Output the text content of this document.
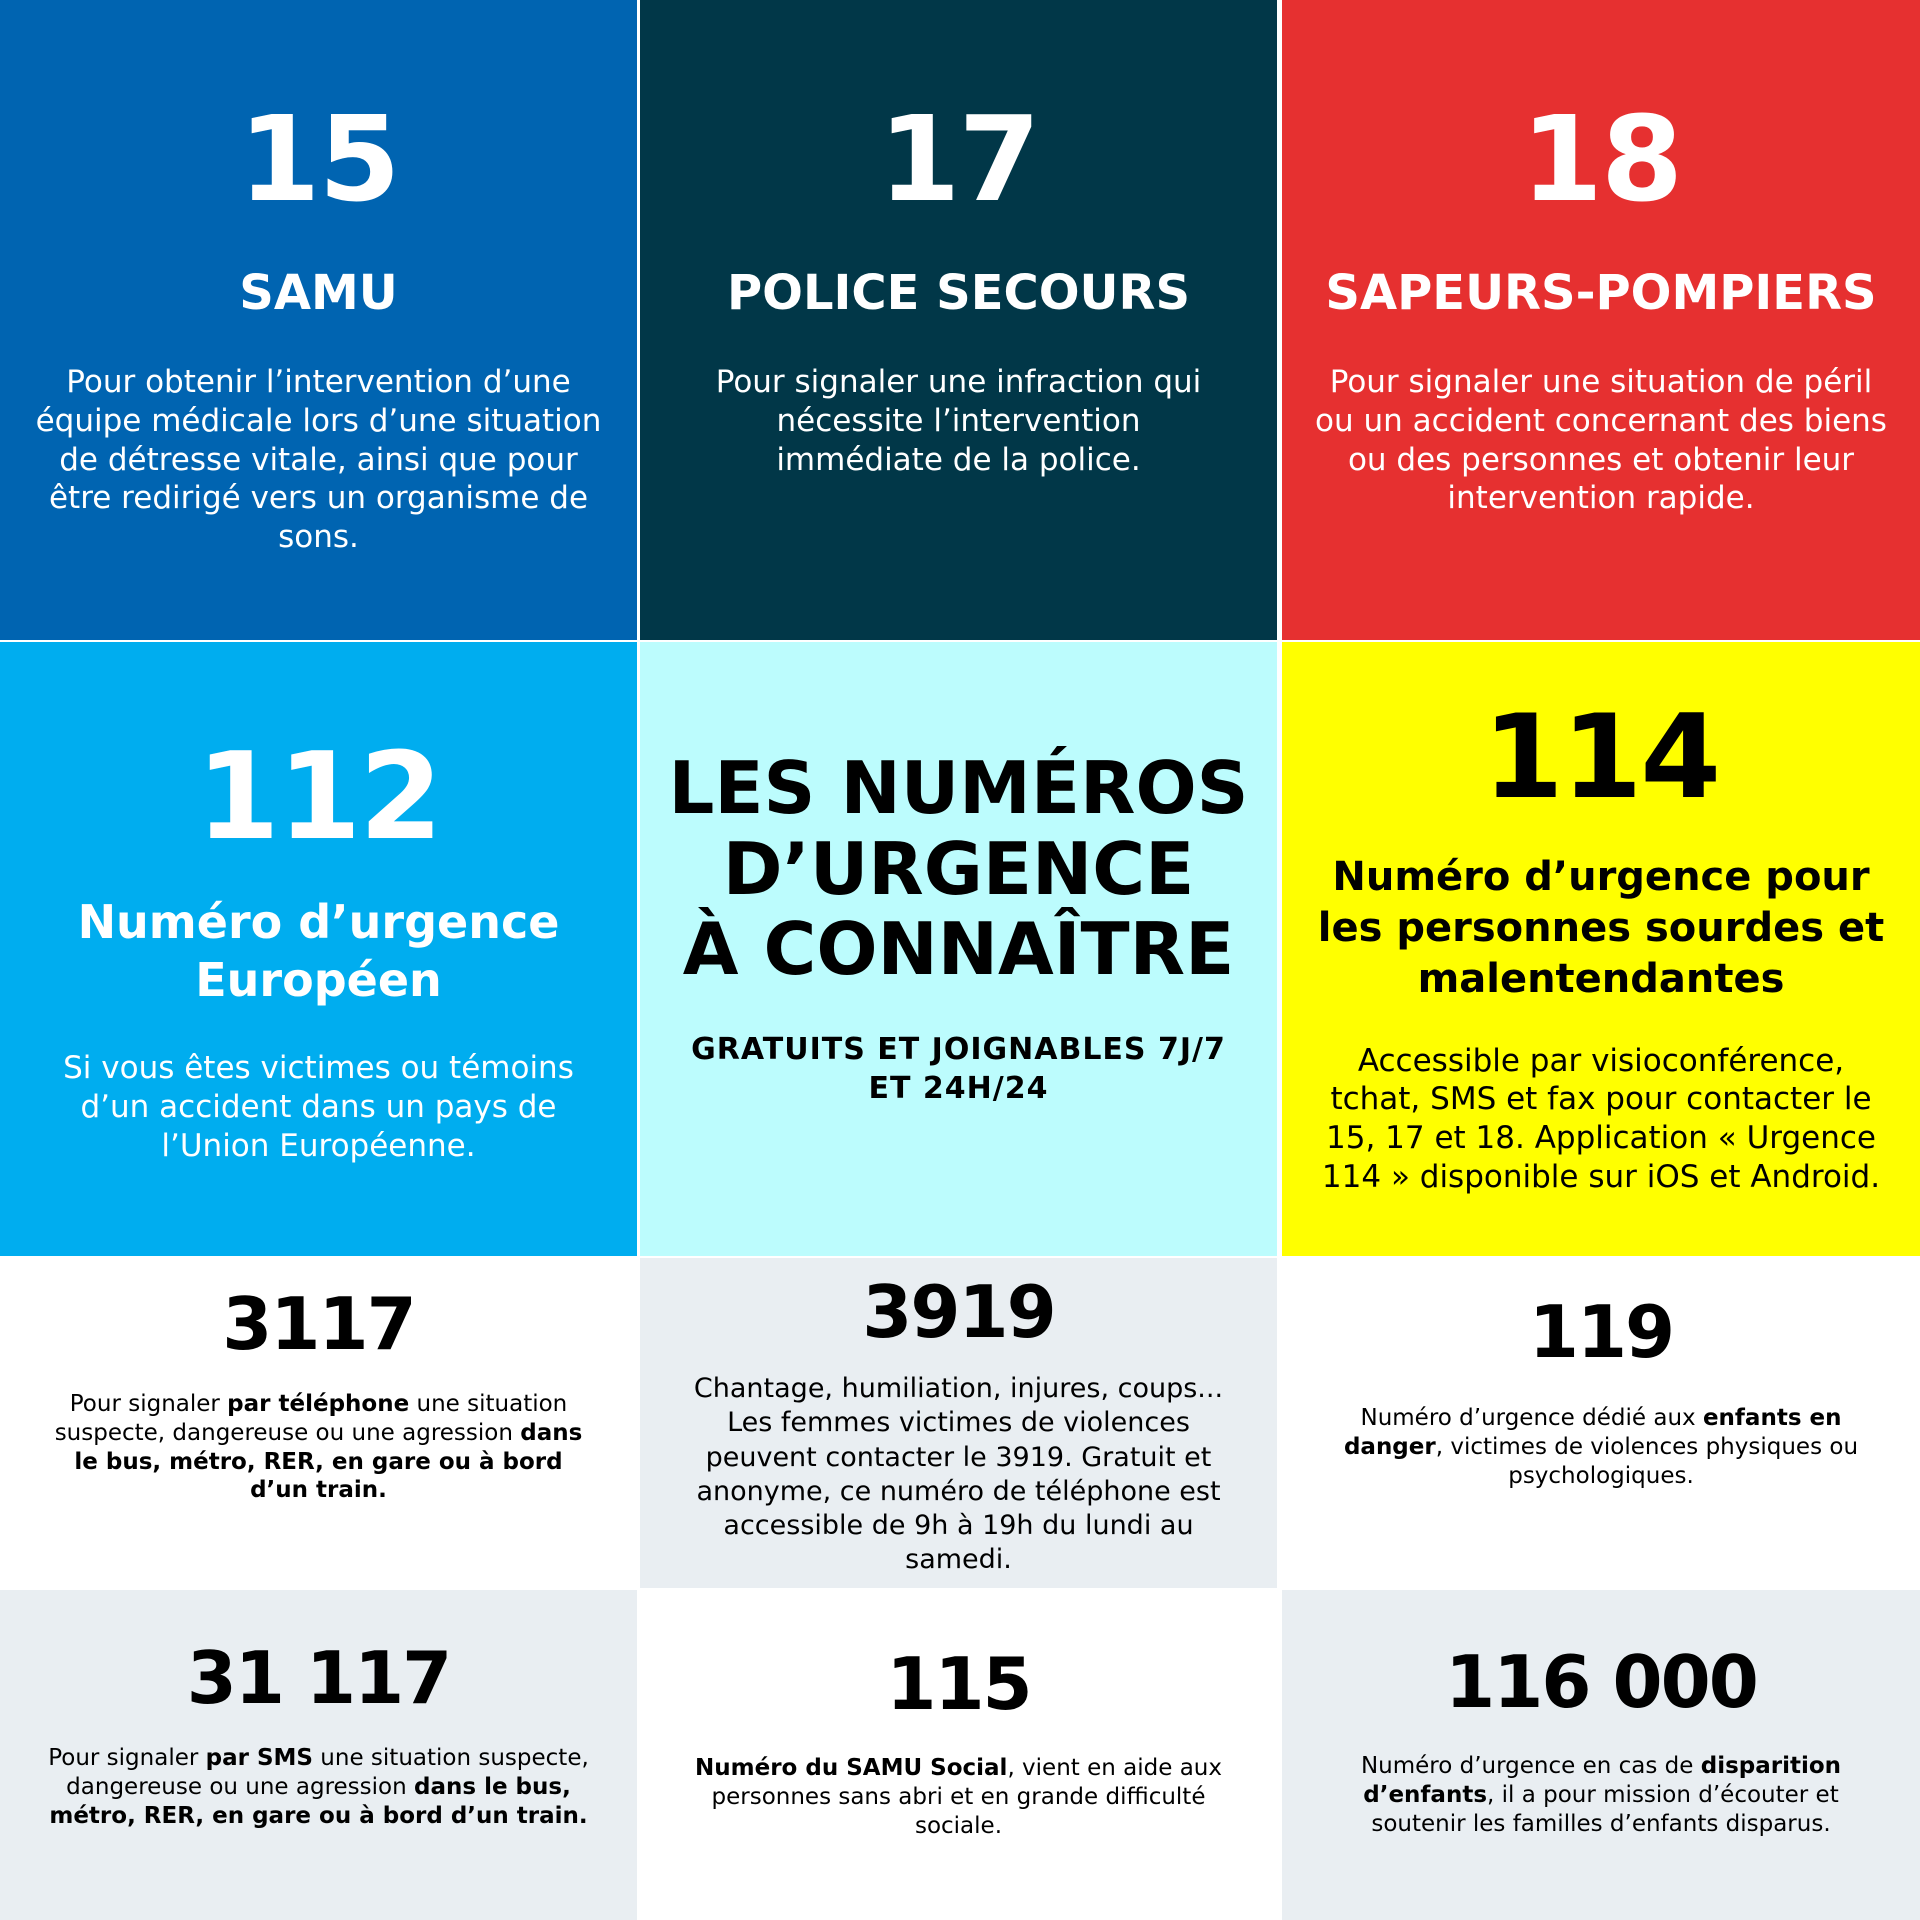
15
SAMU
Pour obtenir l’intervention d’une équipe médicale lors d’une situation de détresse vitale, ainsi que pour être redirigé vers un organisme de sons.
17
POLICE SECOURS
Pour signaler une infraction qui nécessite l’intervention immédiate de la police.
18
SAPEURS-POMPIERS
Pour signaler une situation de péril ou un accident concernant des biens ou des personnes et obtenir leur intervention rapide.
112
Numéro d’urgence
Européen
Si vous êtes victimes ou témoins d’un accident dans un pays de l’Union Européenne.
LES NUMÉROS
D’URGENCE
À CONNAÎTRE
GRATUITS ET JOIGNABLES 7J/7 ET 24H/24
114
Numéro d’urgence pour les personnes sourdes et malentendantes
Accessible par visioconférence, tchat, SMS et fax pour contacter le 15, 17 et 18. Application « Urgence 114 » disponible sur iOS et Android.
3117
Pour signaler par téléphone une situation suspecte, dangereuse ou une agression dans le bus, métro, RER, en gare ou à bord d’un train.
3919
Chantage, humiliation, injures, coups... Les femmes victimes de violences peuvent contacter le 3919. Gratuit et anonyme, ce numéro de téléphone est accessible de 9h à 19h du lundi au samedi.
119
Numéro d’urgence dédié aux enfants en danger, victimes de violences physiques ou psychologiques.
31 117
Pour signaler par SMS une situation suspecte, dangereuse ou une agression dans le bus, métro, RER, en gare ou à bord d’un train.
115
Numéro du SAMU Social, vient en aide aux personnes sans abri et en grande difficulté sociale.
116 000
Numéro d’urgence en cas de disparition d’enfants, il a pour mission d’écouter et soutenir les familles d’enfants disparus.
